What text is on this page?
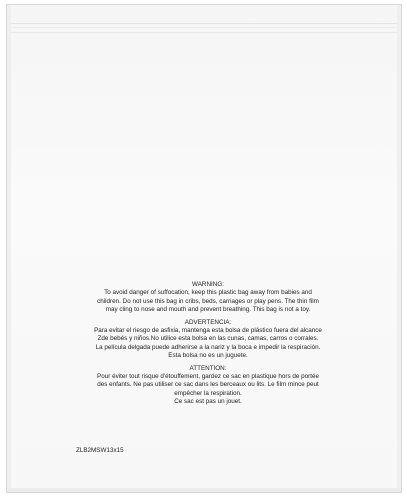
WARNING:
To avoid danger of suffocation, keep this plastic bag away from babies and
children. Do not use this bag in cribs, beds, carriages or play pens. The thin film
may cling to nose and mouth and prevent breathing. This bag is not a toy.
ADVERTENCIA:
Para evitar el riesgo de asfixia, mantenga esta bolsa de plástico fuera del alcance
Zde bebés y niños.No utilice esta bolsa en las cunas, camas, carros o corrales.
La película delgada puede adherirse a la nariz y la boca e impedir la respiración.
Esta bolsa no es un juguete.
ATTENTION:
Pour éviter tout risque d'étouffement, gardez ce sac en plastique hors de portée
des enfants. Ne pas utiliser ce sac dans les berceaux ou lits. Le film mince peut
empêcher la respiration.
Ce sac est pas un jouet.
ZLB2MSW13x15
